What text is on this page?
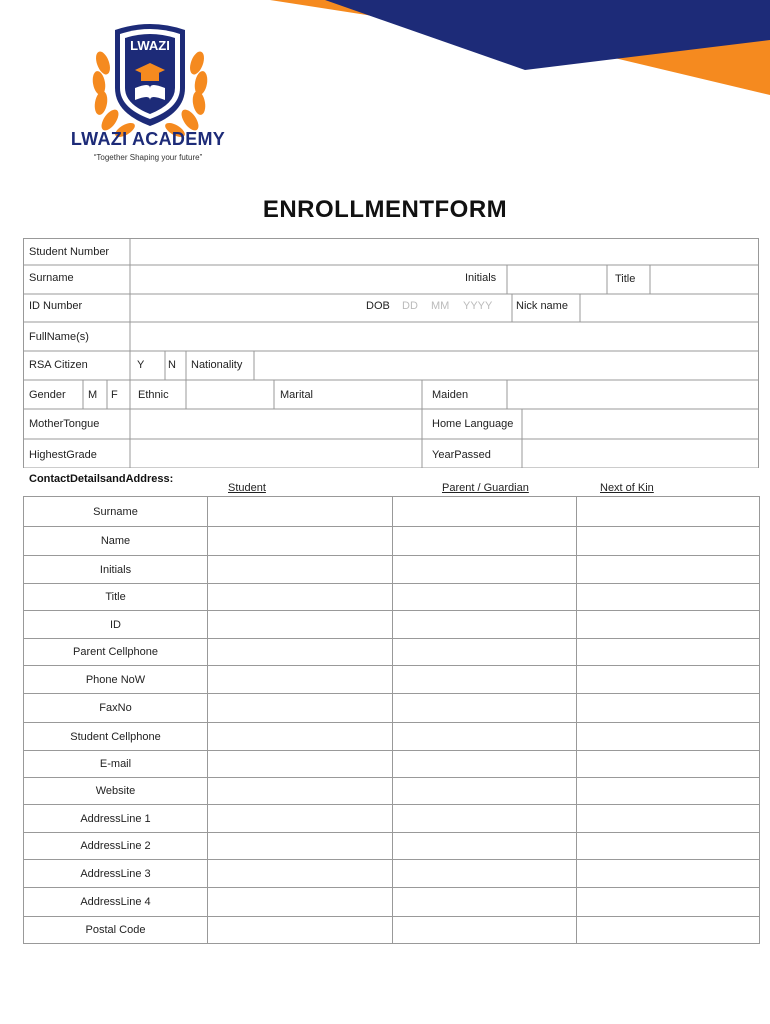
LWAZI
LWAZI ACADEMY
“Together Shaping your future”
ENROLLMENTFORM
Student Number
Surname	Initials	Title
ID Number	DOB DD MM YYYY Nick name
FullName(s)
RSA Citizen	Y N Nationality
Gender M F Ethnic	Marital	Maiden
MotherTongue	Home Language
HighestGrade	YearPassed
ContactDetailsandAddress:
Student	Parent / Guardian	Next of Kin
Surname			
Name			
Initials			
Title			
ID			
Parent Cellphone			
Phone NoW			
FaxNo			
Student Cellphone			
E-mail			
Website			
AddressLine 1			
AddressLine 2			
AddressLine 3			
AddressLine 4			
Postal Code			
